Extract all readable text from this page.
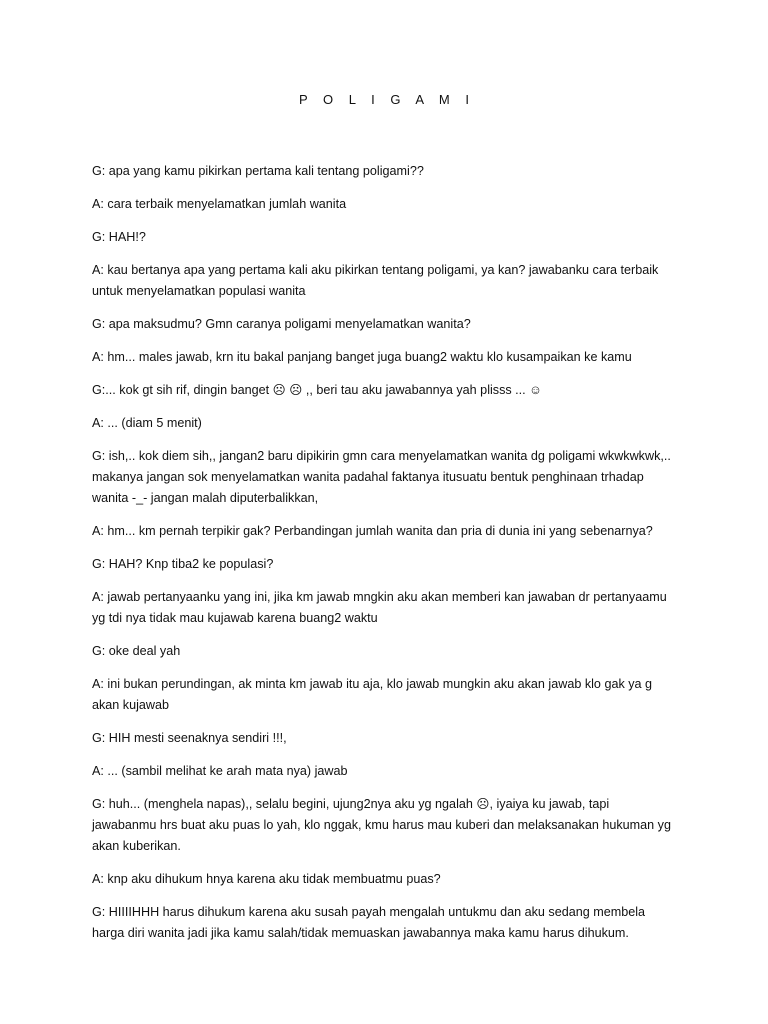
P O L I G A M I

G: apa yang kamu pikirkan pertama kali tentang poligami??

A: cara terbaik menyelamatkan jumlah wanita

G: HAH!?

A: kau bertanya apa yang pertama kali aku pikirkan tentang poligami, ya kan? jawabanku cara terbaik untuk menyelamatkan populasi wanita

G: apa maksudmu? Gmn caranya poligami menyelamatkan wanita?

A: hm... males jawab, krn itu bakal panjang banget juga buang2 waktu klo kusampaikan ke kamu

G:... kok gt sih rif, dingin banget ☹ ☹ ,, beri tau aku jawabannya yah plisss ... ☺

A: ... (diam 5 menit)

G: ish,.. kok diem sih,, jangan2 baru dipikirin gmn cara menyelamatkan wanita dg poligami wkwkwkwk,.. makanya jangan sok menyelamatkan wanita padahal faktanya itusuatu bentuk penghinaan trhadap wanita -_- jangan malah diputerbalikkan,

A: hm... km pernah terpikir gak? Perbandingan jumlah wanita dan pria di dunia ini yang sebenarnya?

G: HAH? Knp tiba2 ke populasi?

A: jawab pertanyaanku yang ini, jika km jawab mngkin aku akan memberi kan jawaban dr pertanyaamu yg tdi nya tidak mau kujawab karena buang2 waktu

G: oke deal yah

A: ini bukan perundingan, ak minta km jawab itu aja, klo jawab mungkin aku akan jawab klo gak ya g akan kujawab

G: HIH mesti seenaknya sendiri !!!,

A: ... (sambil melihat ke arah mata nya) jawab

G: huh... (menghela napas),, selalu begini, ujung2nya aku yg ngalah ☹, iyaiya ku jawab, tapi jawabanmu hrs buat aku puas lo yah, klo nggak, kmu harus mau kuberi dan melaksanakan hukuman yg akan kuberikan.

A: knp aku dihukum hnya karena aku tidak membuatmu puas?

G: HIIIIHHH harus dihukum karena aku susah payah mengalah untukmu dan aku sedang membela harga diri wanita jadi jika kamu salah/tidak memuaskan jawabannya maka kamu harus dihukum.
